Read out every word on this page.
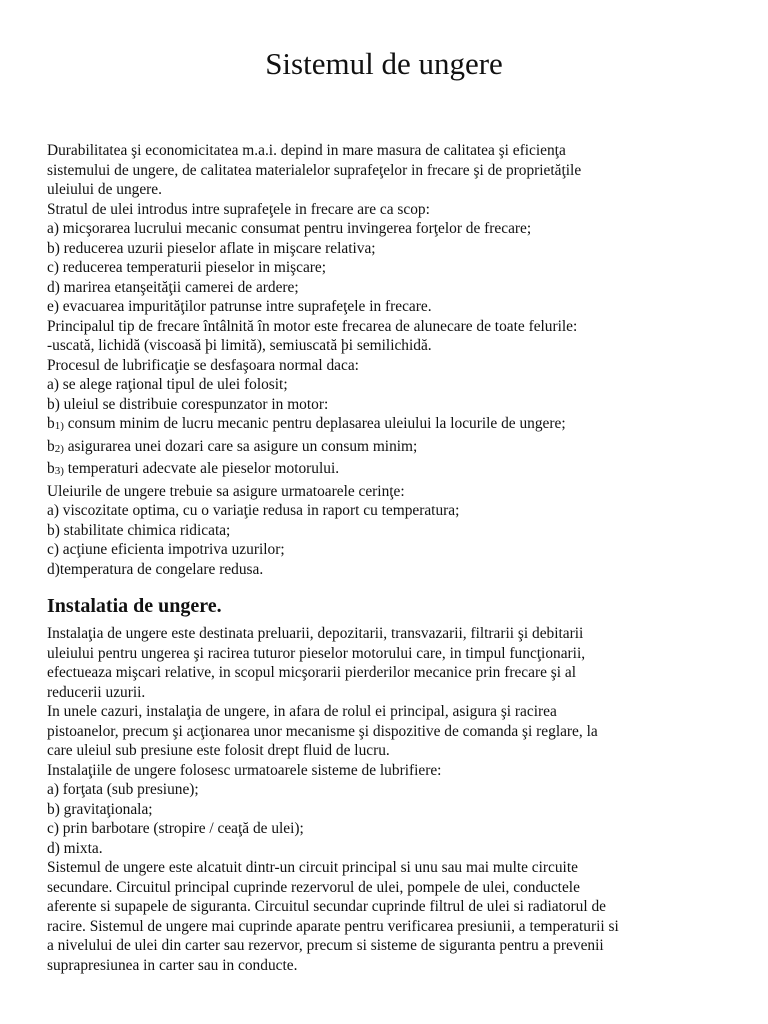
Sistemul de ungere
Durabilitatea şi economicitatea m.a.i. depind in mare masura de calitatea şi eficienţa
sistemului de ungere, de calitatea materialelor suprafeţelor in frecare şi de proprietăţile
uleiului de ungere.
Stratul de ulei introdus intre suprafeţele in frecare are ca scop:
a) micşorarea lucrului mecanic consumat pentru invingerea forţelor de frecare;
b) reducerea uzurii pieselor aflate in mişcare relativa;
c) reducerea temperaturii pieselor in mişcare;
d) marirea etanşeităţii camerei de ardere;
e) evacuarea impurităţilor patrunse intre suprafeţele in frecare.
Principalul tip de frecare întâlnită în motor este frecarea de alunecare de toate felurile:
-uscată, lichidă (viscoasă þi limită), semiuscată þi semilichidă.
Procesul de lubrificaţie se desfaşoara normal daca:
a) se alege raţional tipul de ulei folosit;
b) uleiul se distribuie corespunzator in motor:
b1) consum minim de lucru mecanic pentru deplasarea uleiului la locurile de ungere;
b2) asigurarea unei dozari care sa asigure un consum minim;
b3) temperaturi adecvate ale pieselor motorului.
Uleiurile de ungere trebuie sa asigure urmatoarele cerinţe:
a) viscozitate optima, cu o variaţie redusa in raport cu temperatura;
b) stabilitate chimica ridicata;
c) acţiune eficienta impotriva uzurilor;
d)temperatura de congelare redusa.
Instalatia de ungere.
Instalaţia de ungere este destinata preluarii, depozitarii, transvazarii, filtrarii şi debitarii
uleiului pentru ungerea şi racirea tuturor pieselor motorului care, in timpul funcţionarii,
efectueaza mişcari relative, in scopul micşorarii pierderilor mecanice prin frecare şi al
reducerii uzurii.
In unele cazuri, instalaţia de ungere, in afara de rolul ei principal, asigura şi racirea
pistoanelor, precum şi acţionarea unor mecanisme şi dispozitive de comanda şi reglare, la
care uleiul sub presiune este folosit drept fluid de lucru.
Instalaţiile de ungere folosesc urmatoarele sisteme de lubrifiere:
a) forţata (sub presiune);
b) gravitaţionala;
c) prin barbotare (stropire / ceaţă de ulei);
d) mixta.
Sistemul de ungere este alcatuit dintr-un circuit principal si unu sau mai multe circuite
secundare. Circuitul principal cuprinde rezervorul de ulei, pompele de ulei, conductele
aferente si supapele de siguranta. Circuitul secundar cuprinde filtrul de ulei si radiatorul de
racire. Sistemul de ungere mai cuprinde aparate pentru verificarea presiunii, a temperaturii si
a nivelului de ulei din carter sau rezervor, precum si sisteme de siguranta pentru a prevenii
suprapresiunea in carter sau in conducte.
